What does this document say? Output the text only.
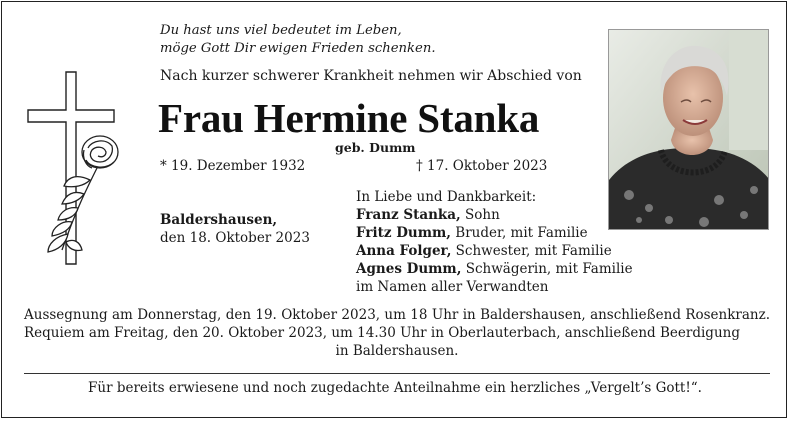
Du hast uns viel bedeutet im Leben,
möge Gott Dir ewigen Frieden schenken.
Nach kurzer schwerer Krankheit nehmen wir Abschied von
Frau Hermine Stanka
geb. Dumm
* 19. Dezember 1932	† 17. Oktober 2023
Baldershausen,
den 18. Oktober 2023
In Liebe und Dankbarkeit:
Franz Stanka, Sohn
Fritz Dumm, Bruder, mit Familie
Anna Folger, Schwester, mit Familie
Agnes Dumm, Schwägerin, mit Familie
im Namen aller Verwandten
Aussegnung am Donnerstag, den 19. Oktober 2023, um 18 Uhr in Baldershausen, anschließend Rosenkranz. Requiem am Freitag, den 20. Oktober 2023, um 14.30 Uhr in Oberlauterbach, anschließend Beerdigung
in Baldershausen.
Für bereits erwiesene und noch zugedachte Anteilnahme ein herzliches „Vergelt’s Gott!“.
